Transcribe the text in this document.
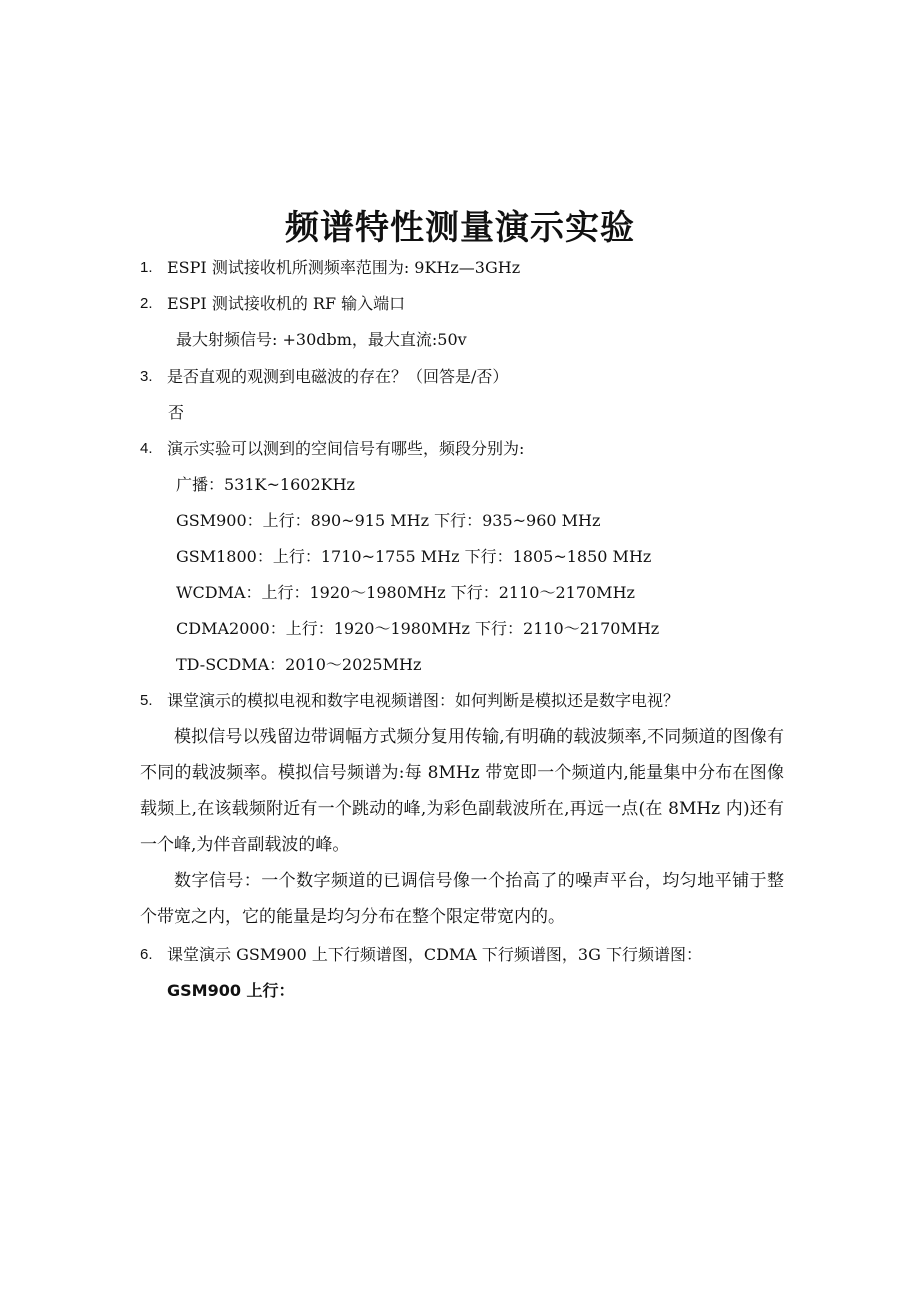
频谱特性测量演示实验
1. ESPI 测试接收机所测频率范围为: 9KHz—3GHz
2. ESPI 测试接收机的 RF 输入端口
最大射频信号: +30dbm，最大直流:50v
3. 是否直观的观测到电磁波的存在？（回答是/否）
否
4. 演示实验可以测到的空间信号有哪些，频段分别为:
广播：531K~1602KHz
GSM900：上行：890~915 MHz 下行：935~960 MHz
GSM1800：上行：1710~1755 MHz 下行：1805~1850 MHz
WCDMA：上行：1920～1980MHz 下行：2110～2170MHz
CDMA2000：上行：1920～1980MHz 下行：2110～2170MHz
TD-SCDMA：2010～2025MHz
5. 课堂演示的模拟电视和数字电视频谱图：如何判断是模拟还是数字电视？
模拟信号以残留边带调幅方式频分复用传输,有明确的载波频率,不同频道的图像有不同的载波频率。模拟信号频谱为:每 8MHz 带宽即一个频道内,能量集中分布在图像载频上,在该载频附近有一个跳动的峰,为彩色副载波所在,再远一点(在 8MHz 内)还有一个峰,为伴音副载波的峰。
数字信号：一个数字频道的已调信号像一个抬高了的噪声平台，均匀地平铺于整个带宽之内，它的能量是均匀分布在整个限定带宽内的。
6. 课堂演示 GSM900 上下行频谱图，CDMA 下行频谱图，3G 下行频谱图：
GSM900 上行：
